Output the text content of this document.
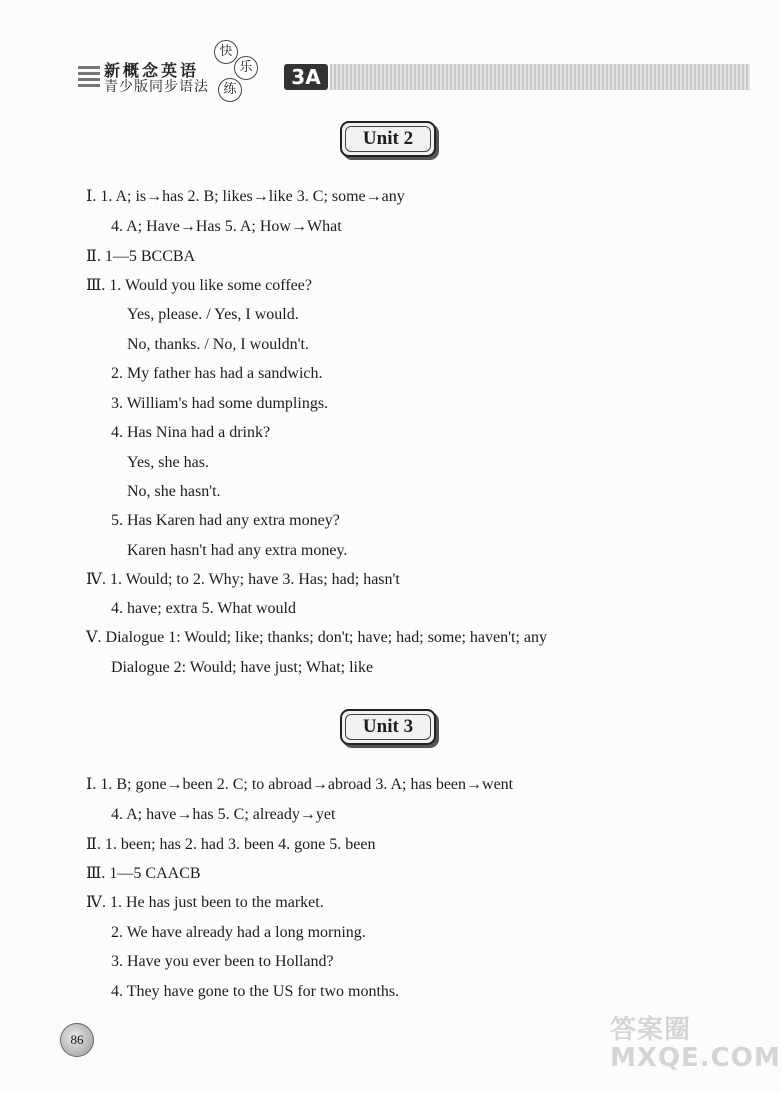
新概念英语
青少版同步语法
快
乐
练
3A
Unit 2
Ⅰ. 1. A; is→has 2. B; likes→like 3. C; some→any
4. A; Have→Has 5. A; How→What
Ⅱ. 1—5 BCCBA
Ⅲ. 1. Would you like some coffee?
Yes, please. / Yes, I would.
No, thanks. / No, I wouldn't.
2. My father has had a sandwich.
3. William's had some dumplings.
4. Has Nina had a drink?
Yes, she has.
No, she hasn't.
5. Has Karen had any extra money?
Karen hasn't had any extra money.
Ⅳ. 1. Would; to 2. Why; have 3. Has; had; hasn't
4. have; extra 5. What would
Ⅴ. Dialogue 1: Would; like; thanks; don't; have; had; some; haven't; any
Dialogue 2: Would; have just; What; like
Unit 3
Ⅰ. 1. B; gone→been 2. C; to abroad→abroad 3. A; has been→went
4. A; have→has 5. C; already→yet
Ⅱ. 1. been; has 2. had 3. been 4. gone 5. been
Ⅲ. 1—5 CAACB
Ⅳ. 1. He has just been to the market.
2. We have already had a long morning.
3. Have you ever been to Holland?
4. They have gone to the US for two months.
86	答案圈
MXQE.COM
